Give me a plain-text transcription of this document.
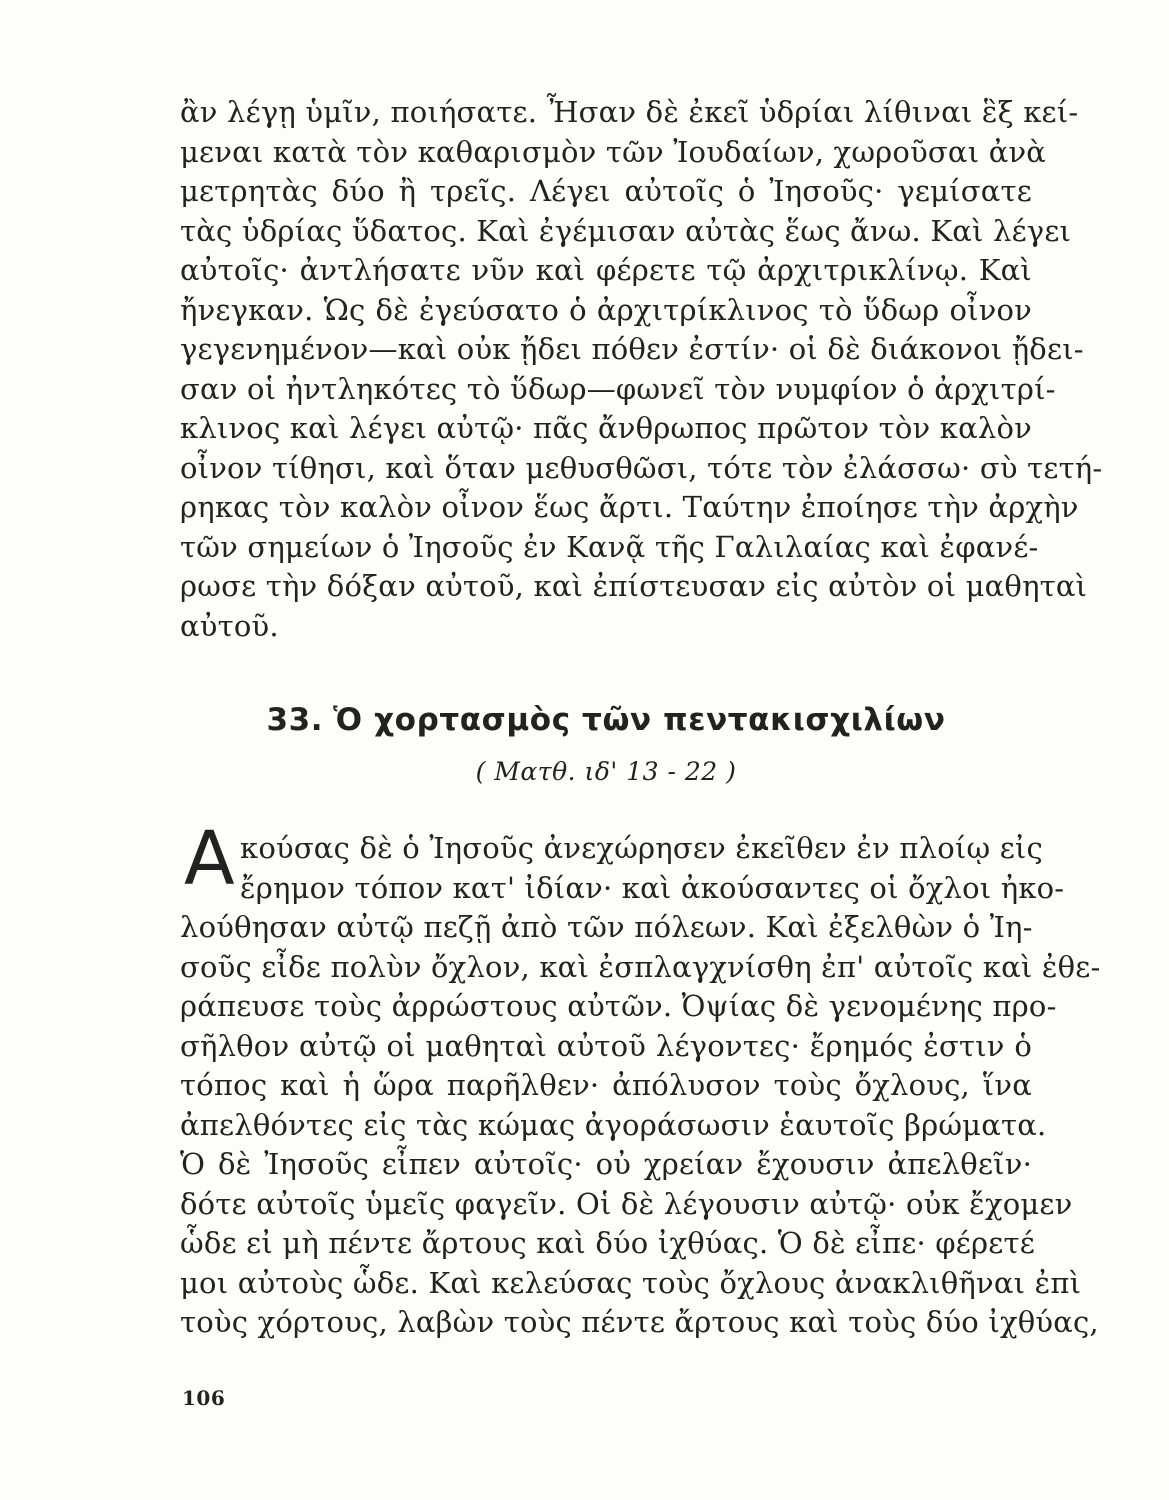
ἂν λέγῃ ὑμῖν, ποιήσατε. Ἦσαν δὲ ἐκεῖ ὑδρίαι λίθιναι ἓξ κεί-
μεναι κατὰ τὸν καθαρισμὸν τῶν Ἰουδαίων, χωροῦσαι ἀνὰ
μετρητὰς δύο ἢ τρεῖς. Λέγει αὐτοῖς ὁ Ἰησοῦς· γεμίσατε
τὰς ὑδρίας ὕδατος. Καὶ ἐγέμισαν αὐτὰς ἕως ἄνω. Καὶ λέγει
αὐτοῖς· ἀντλήσατε νῦν καὶ φέρετε τῷ ἀρχιτρικλίνῳ. Καὶ
ἤνεγκαν. Ὡς δὲ ἐγεύσατο ὁ ἀρχιτρίκλινος τὸ ὕδωρ οἶνον
γεγενημένον—καὶ οὐκ ᾔδει πόθεν ἐστίν· οἱ δὲ διάκονοι ᾔδει-
σαν οἱ ἠντληκότες τὸ ὕδωρ—φωνεῖ τὸν νυμφίον ὁ ἀρχιτρί-
κλινος καὶ λέγει αὐτῷ· πᾶς ἄνθρωπος πρῶτον τὸν καλὸν
οἶνον τίθησι, καὶ ὅταν μεθυσθῶσι, τότε τὸν ἐλάσσω· σὺ τετή-
ρηκας τὸν καλὸν οἶνον ἕως ἄρτι. Ταύτην ἐποίησε τὴν ἀρχὴν
τῶν σημείων ὁ Ἰησοῦς ἐν Κανᾷ τῆς Γαλιλαίας καὶ ἐφανέ-
ρωσε τὴν δόξαν αὐτοῦ, καὶ ἐπίστευσαν εἰς αὐτὸν οἱ μαθηταὶ
αὐτοῦ.
33. Ὁ χορτασμὸς τῶν πεντακισχιλίων
( Ματθ. ιδ' 13 - 22 )
Α κούσας δὲ ὁ Ἰησοῦς ἀνεχώρησεν ἐκεῖθεν ἐν πλοίῳ εἰς
ἔρημον τόπον κατ' ἰδίαν· καὶ ἀκούσαντες οἱ ὄχλοι ἠκο-
λούθησαν αὐτῷ πεζῇ ἀπὸ τῶν πόλεων. Καὶ ἐξελθὼν ὁ Ἰη-
σοῦς εἶδε πολὺν ὄχλον, καὶ ἐσπλαγχνίσθη ἐπ' αὐτοῖς καὶ ἐθε-
ράπευσε τοὺς ἀρρώστους αὐτῶν. Ὀψίας δὲ γενομένης προ-
σῆλθον αὐτῷ οἱ μαθηταὶ αὐτοῦ λέγοντες· ἔρημός ἐστιν ὁ
τόπος καὶ ἡ ὥρα παρῆλθεν· ἀπόλυσον τοὺς ὄχλους, ἵνα
ἀπελθόντες εἰς τὰς κώμας ἀγοράσωσιν ἑαυτοῖς βρώματα.
Ὁ δὲ Ἰησοῦς εἶπεν αὐτοῖς· οὐ χρείαν ἔχουσιν ἀπελθεῖν·
δότε αὐτοῖς ὑμεῖς φαγεῖν. Οἱ δὲ λέγουσιν αὐτῷ· οὐκ ἔχομεν
ὧδε εἰ μὴ πέντε ἄρτους καὶ δύο ἰχθύας. Ὁ δὲ εἶπε· φέρετέ
μοι αὐτοὺς ὧδε. Καὶ κελεύσας τοὺς ὄχλους ἀνακλιθῆναι ἐπὶ
τοὺς χόρτους, λαβὼν τοὺς πέντε ἄρτους καὶ τοὺς δύο ἰχθύας,
106
